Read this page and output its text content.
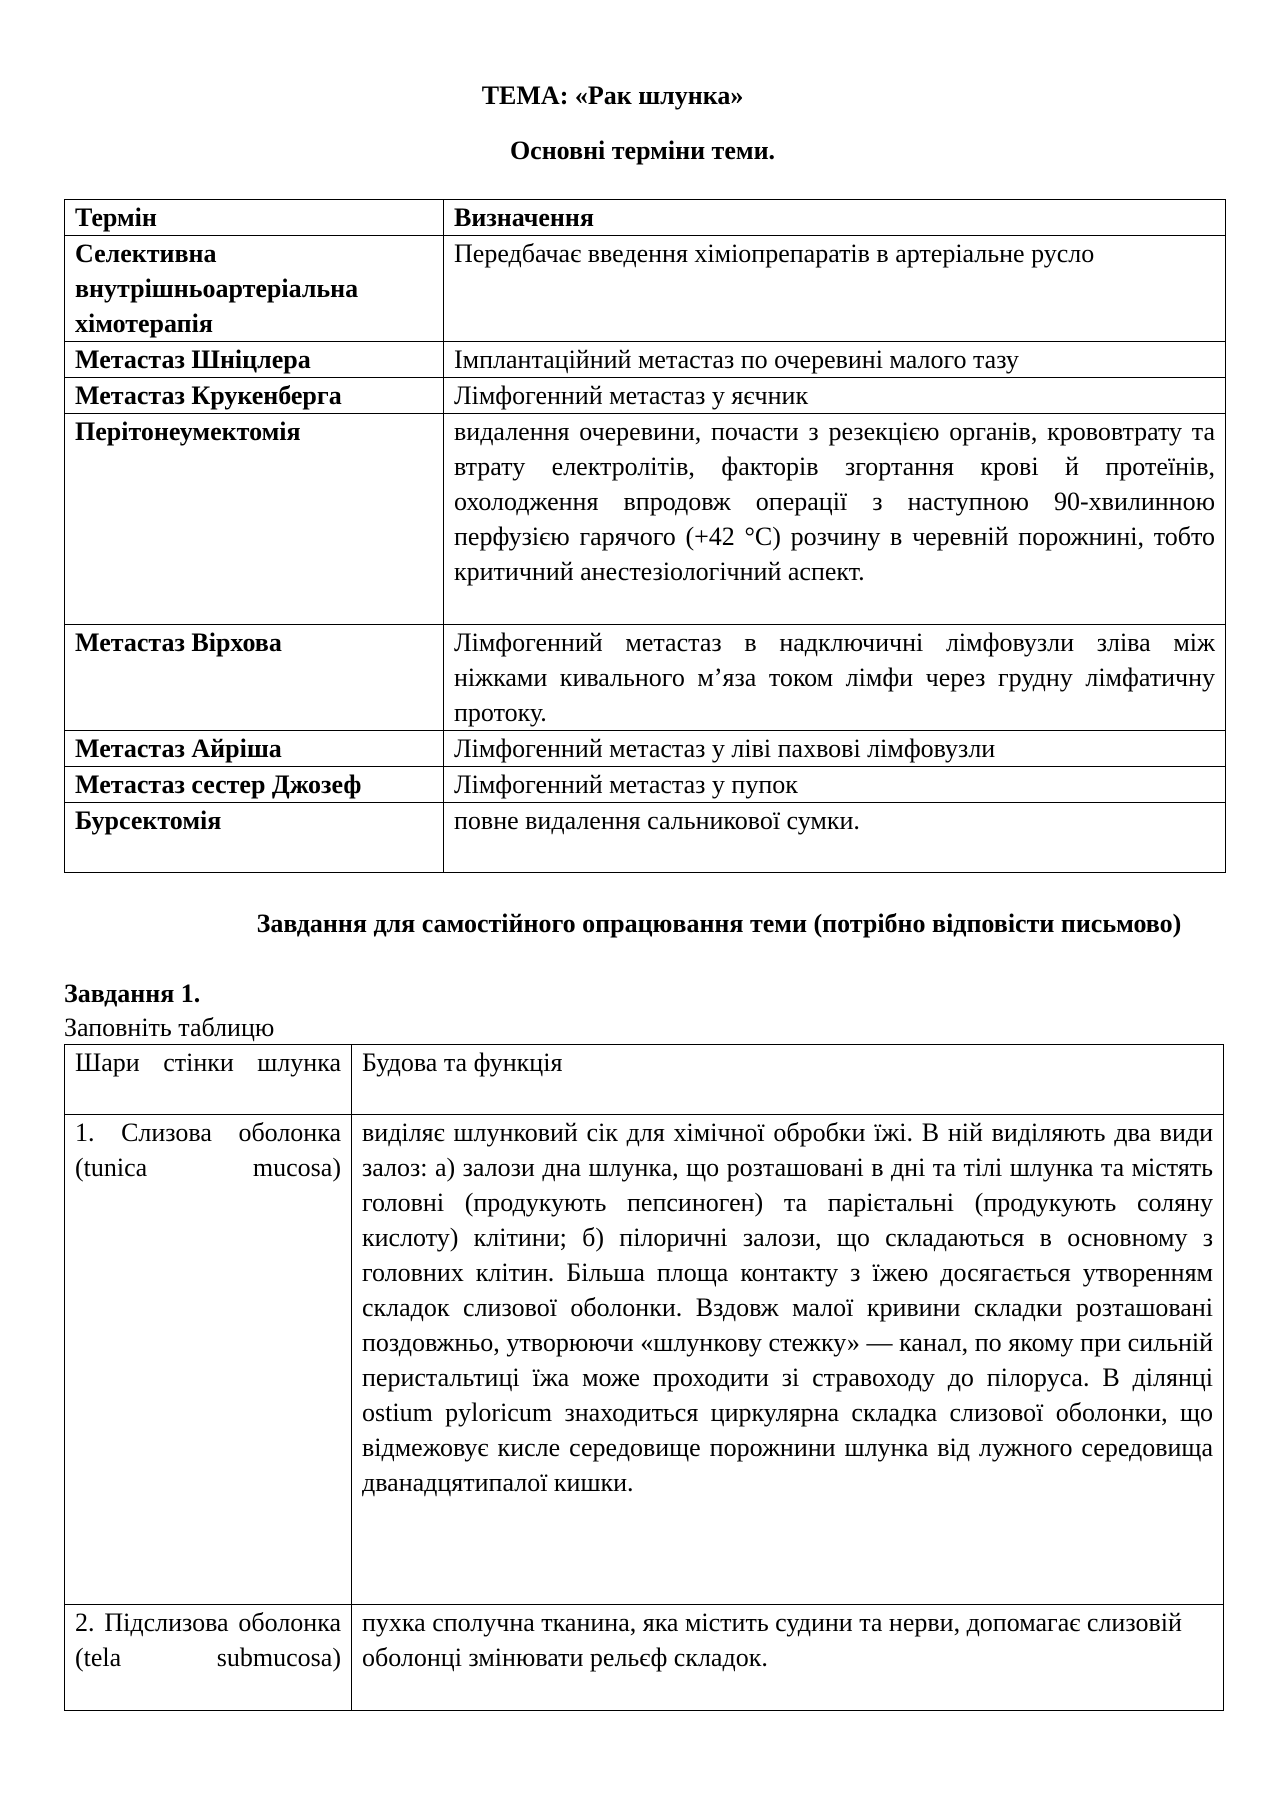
ТЕМА: «Рак шлунка»
Основні терміни теми.
Термін	Визначення
Селективна внутрішньоартеріальна хімотерапія	Передбачає введення хіміопрепаратів в артеріальне русло
Метастаз Шніцлера	Імплантаційний метастаз по очеревині малого тазу
Метастаз Крукенберга	Лімфогенний метастаз у яєчник
Перітонеумектомія	видалення очеревини, почасти з резекцією органів, крововтрату та втрату електролітів, факторів згортання крові й протеїнів, охолодження впродовж операції з наступною 90-хвилинною перфузією гарячого (+42 °С) розчину в черевній порожнині, тобто критичний анестезіологічний аспект.
Метастаз Вірхова	Лімфогенний метастаз в надключичні лімфовузли зліва між ніжками кивального м’яза током лімфи через грудну лімфатичну протоку.
Метастаз Айріша	Лімфогенний метастаз у ліві пахвові лімфовузли
Метастаз сестер Джозеф	Лімфогенний метастаз у пупок
Бурсектомія	повне видалення сальникової сумки.
Завдання для самостійного опрацювання теми (потрібно відповісти письмово)
Завдання 1.
Заповніть таблицю
Шари стінки шлунка	Будова та функція

1. Слизова оболонка (tunica mucosa)	виділяє шлунковий сік для хімічної обробки їжі. В ній виділяють два види залоз: а) залози дна шлунка, що розташовані в дні та тілі шлунка та містять головні (продукують пепсиноген) та парієтальні (продукують соляну кислоту) клітини; б) пілоричні залози, що складаються в основному з головних клітин. Більша площа контакту з їжею досягається утворенням складок слизової оболонки. Вздовж малої кривини складки розташовані поздовжньо, утворюючи «шлункову стежку» — канал, по якому при сильній перистальтиці їжа може проходити зі стравоходу до пілоруса. В ділянці ostium pyloricum знаходиться циркулярна складка слизової оболонки, що відмежовує кисле середовище порожнини шлунка від лужного середовища дванадцятипалої кишки.

2. Підслизова оболонка (tela submucosa)	пухка сполучна тканина, яка містить судини та нерви, допомагає слизовій оболонці змінювати рельєф складок.
